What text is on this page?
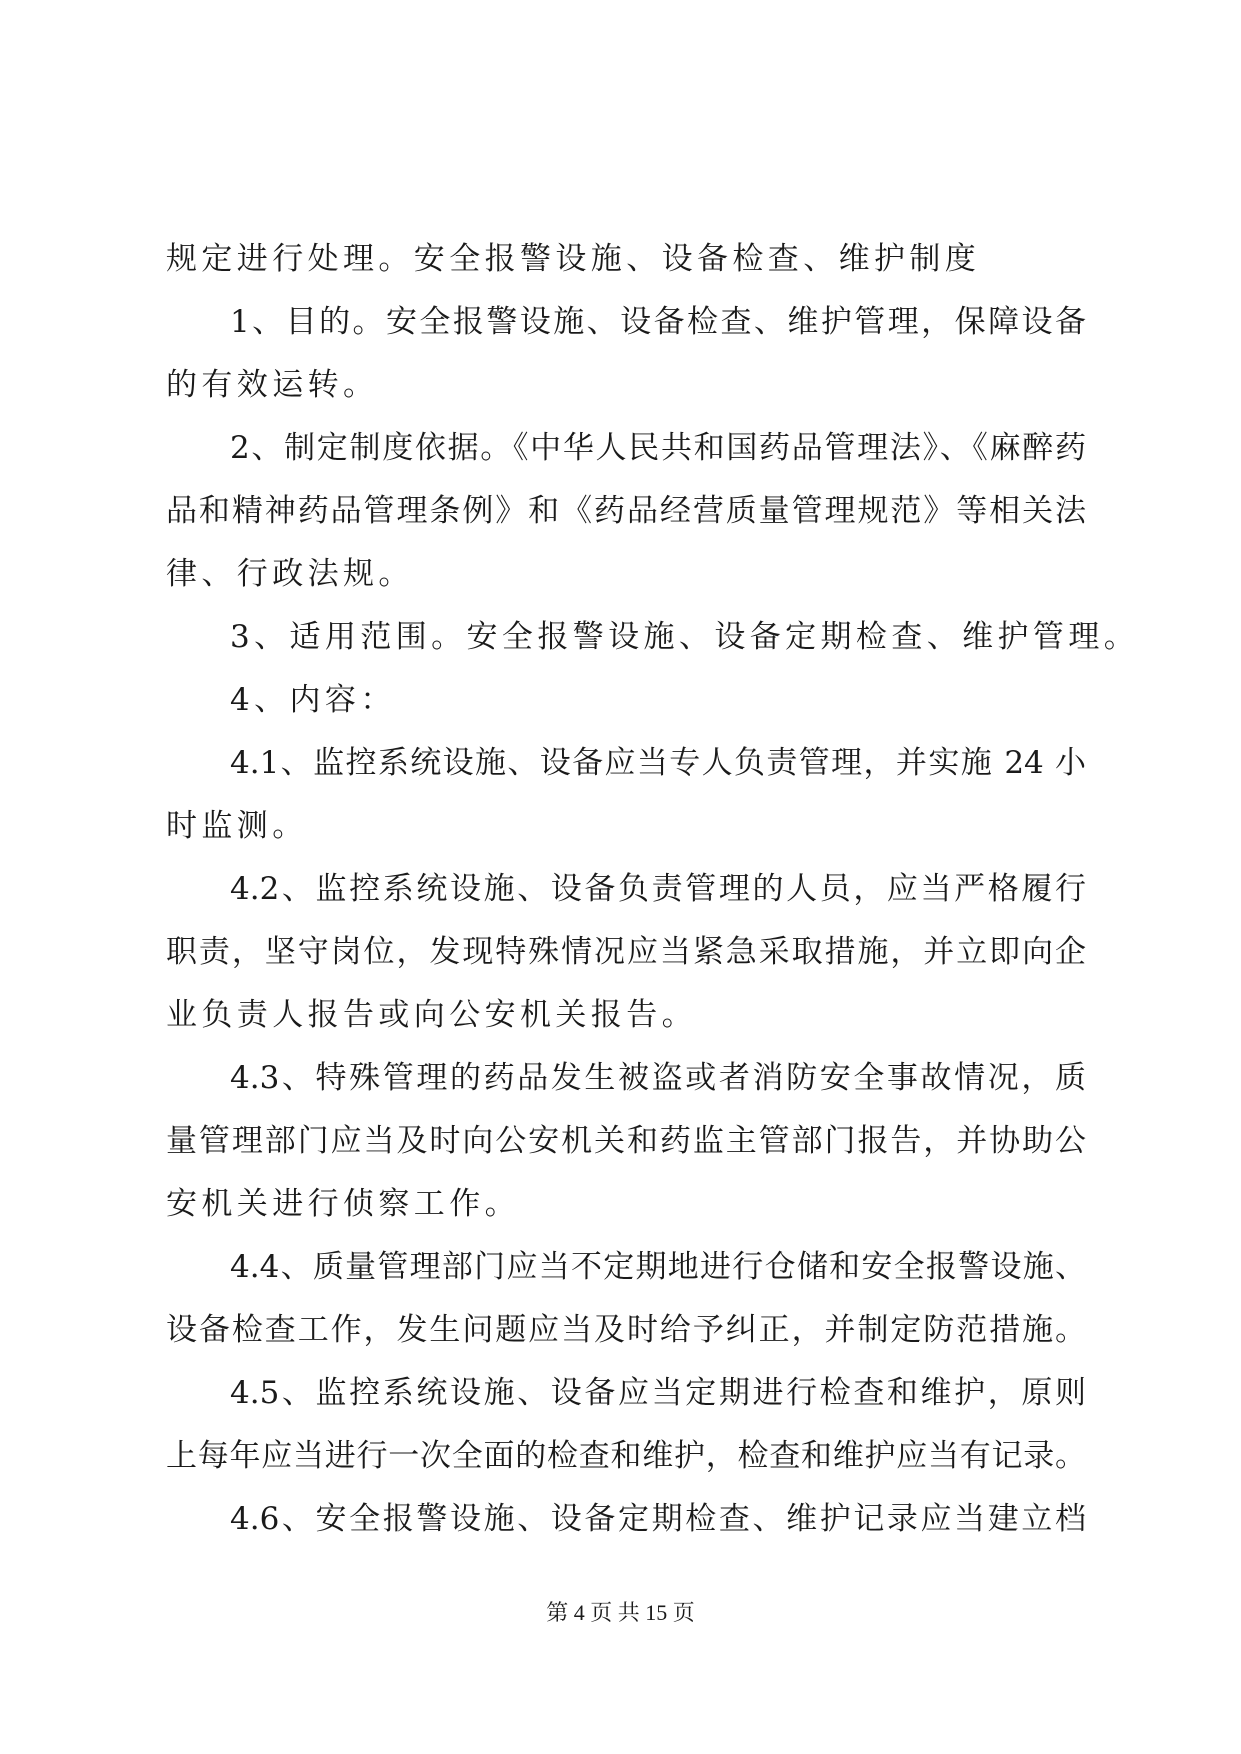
规定进行处理。安全报警设施、设备检查、维护制度
1、目的。安全报警设施、设备检查、维护管理，保障设备
的有效运转。
2、制定制度依据。《中华人民共和国药品管理法》、《麻醉药
品和精神药品管理条例》和《药品经营质量管理规范》等相关法
律、行政法规。
3、适用范围。安全报警设施、设备定期检查、维护管理。
4、内容：
4.1、监控系统设施、设备应当专人负责管理，并实施 24 小
时监测。
4.2、监控系统设施、设备负责管理的人员，应当严格履行
职责，坚守岗位，发现特殊情况应当紧急采取措施，并立即向企
业负责人报告或向公安机关报告。
4.3、特殊管理的药品发生被盗或者消防安全事故情况，质
量管理部门应当及时向公安机关和药监主管部门报告，并协助公
安机关进行侦察工作。
4.4、质量管理部门应当不定期地进行仓储和安全报警设施、
设备检查工作，发生问题应当及时给予纠正，并制定防范措施。
4.5、监控系统设施、设备应当定期进行检查和维护，原则
上每年应当进行一次全面的检查和维护，检查和维护应当有记录。
4.6、安全报警设施、设备定期检查、维护记录应当建立档
第 4 页 共 15 页
